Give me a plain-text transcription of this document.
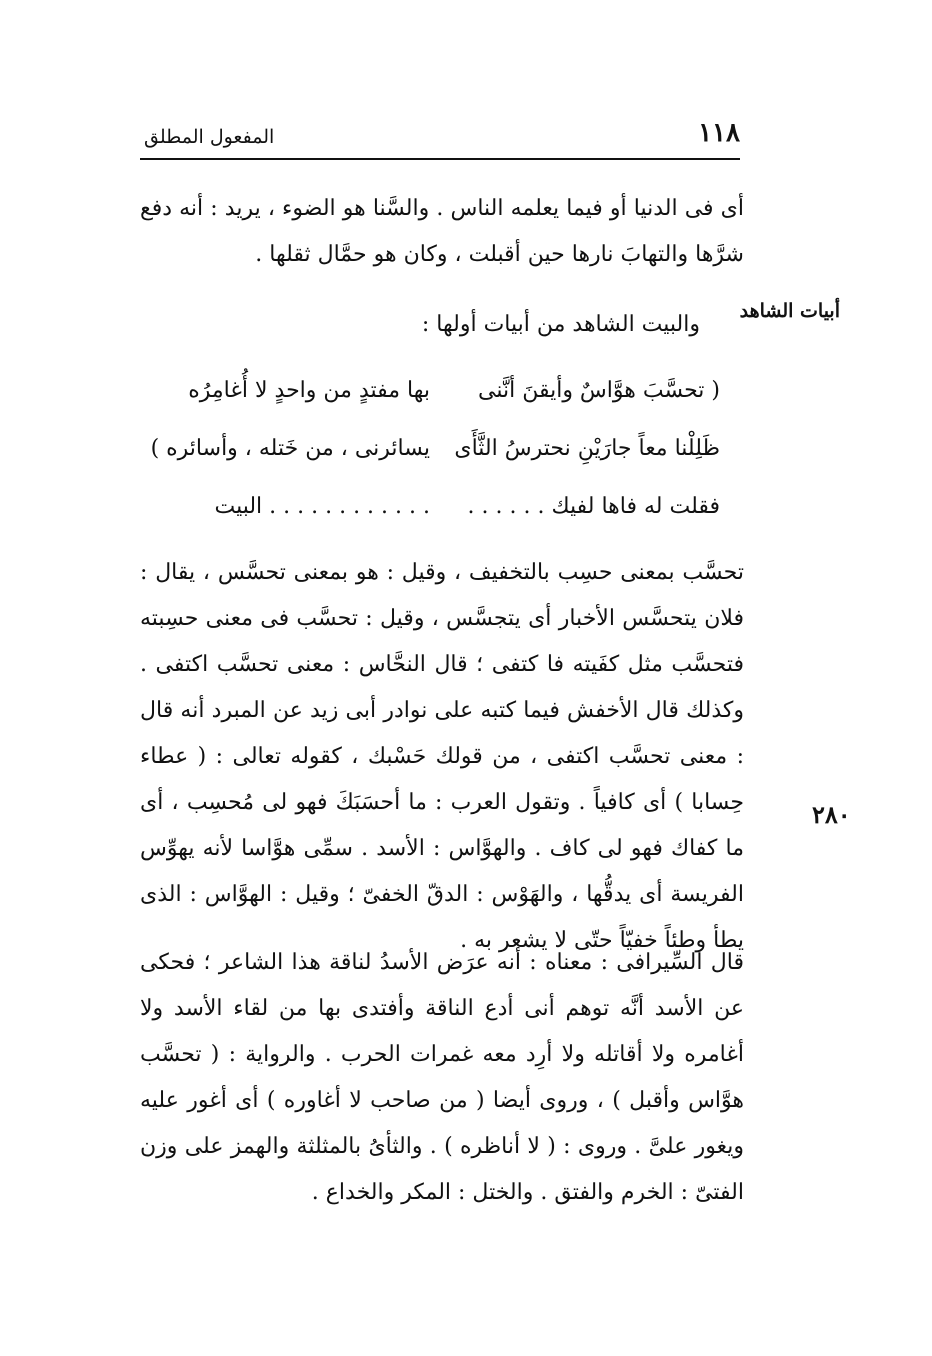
١١٨
المفعول المطلق

أى فى الدنيا أو فيما يعلمه الناس . والسَّنا هو الضوء ، يريد : أنه دفع شرَّها والتهابَ نارها حين أقبلت ، وكان هو حمَّال ثقلها .

أبيات الشاهد
والبيت الشاهد من أبيات أولها :
( تحسَّبَ هوَّاسٌ وأيقنَ أنَّنى
بها مفتدٍ من واحدٍ لا أُغامِرُه
ظَلِلْنا معاً جارَيْنِ نحترسُ الثَّأَى
يسائرنى ، من خَتله ، وأسائره )
فقلت له فاها لفيك . . . . . .
. . . . . . . . . . . . البيت

تحسَّب بمعنى حسِب بالتخفيف ، وقيل : هو بمعنى تحسَّس ، يقال : فلان يتحسَّس الأخبار أى يتجسَّس ، وقيل : تحسَّب فى معنى حسِبته فتحسَّب مثل كفَيته فا كتفى ؛ قال النحَّاس : معنى تحسَّب اكتفى . وكذلك قال الأخفش فيما كتبه على نوادر أبى زيد عن المبرد أنه قال : معنى تحسَّب اكتفى ، من قولك حَسْبك ، كقوله تعالى : ( عطاء حِسابا ) أى كافياً . وتقول العرب : ما أحسَبَكَ فهو لى مُحسِب ، أى ما كفاك فهو لى كاف . والهوَّاس : الأسد . سمِّى هوَّاسا لأنه يهوِّس الفريسة أى يدقُّها ، والهَوْس : الدقّ الخفىّ ؛ وقيل : الهوَّاس : الذى يطأ وطئاً خفيّاً حتّى لا يشعر به .

٢٨٠

قال السِّيرافى : معناه : أنه عرَض الأسدُ لناقة هذا الشاعر ؛ فحكى عن الأسد أنَّه توهم أنى أدع الناقة وأفتدى بها من لقاء الأسد ولا أغامره ولا أقاتله ولا أرِد معه غمرات الحرب . والرواية : ( تحسَّب هوَّاس وأقبل ) ، وروى أيضا ( من صاحب لا أغاوره ) أى أغور عليه ويغور علىَّ . وروى : ( لا أناظره ) . والثأىُ بالمثلثة والهمز على وزن الفتىّ : الخرم والفتق . والختل : المكر والخداع .
